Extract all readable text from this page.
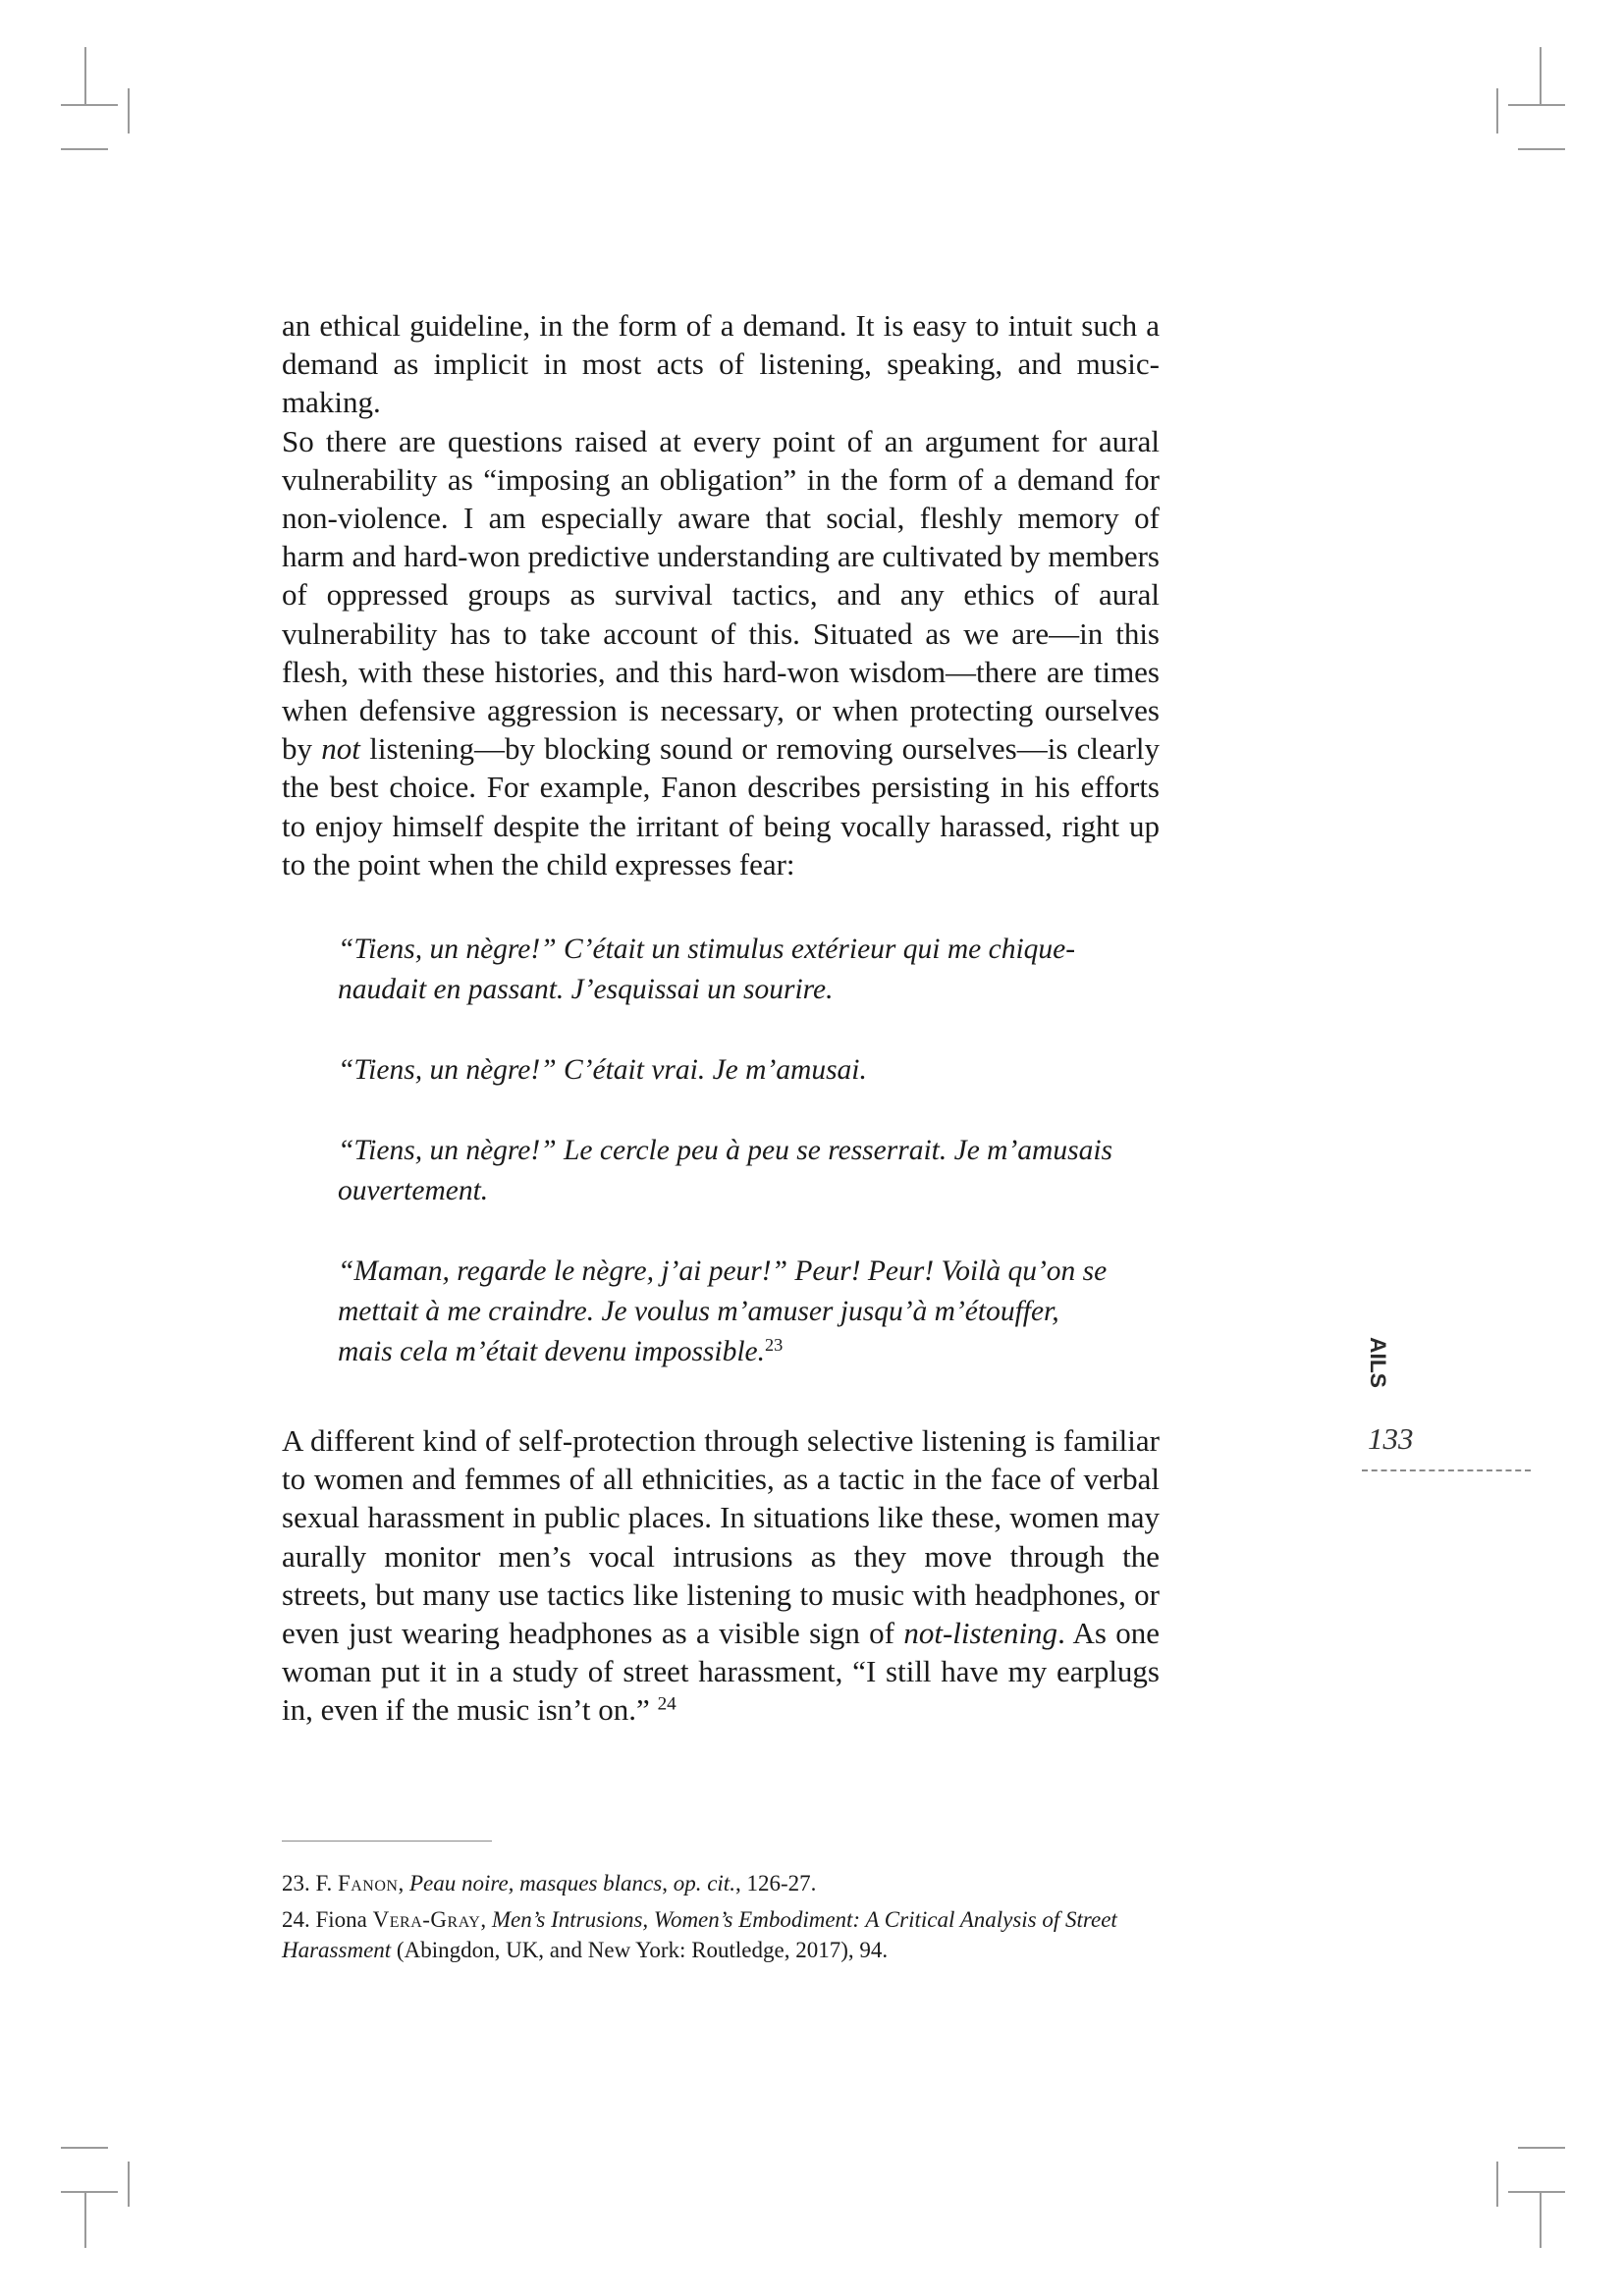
an ethical guideline, in the form of a demand. It is easy to intuit such a demand as implicit in most acts of listening, speaking, and music-making.

So there are questions raised at every point of an argument for aural vulnerability as “imposing an obligation” in the form of a demand for non-violence. I am especially aware that social, fleshly memory of harm and hard-won predictive understanding are cultivated by members of oppressed groups as survival tactics, and any ethics of aural vulnerability has to take account of this. Situated as we are—in this flesh, with these histories, and this hard-won wisdom—there are times when defensive aggression is necessary, or when protecting ourselves by not listening—by blocking sound or removing ourselves—is clearly the best choice. For example, Fanon describes persisting in his efforts to enjoy himself despite the irritant of being vocally harassed, right up to the point when the child expresses fear:

“Tiens, un nègre!” C’était un stimulus extérieur qui me chique-naudait en passant. J’esquissai un sourire.

“Tiens, un nègre!” C’était vrai. Je m’amusai.

“Tiens, un nègre!” Le cercle peu à peu se resserrait. Je m’amusais ouvertement.

“Maman, regarde le nègre, j’ai peur!” Peur! Peur! Voilà qu’on se mettait à me craindre. Je voulus m’amuser jusqu’à m’étouffer, mais cela m’était devenu impossible.$^{23}$

A different kind of self-protection through selective listening is familiar to women and femmes of all ethnicities, as a tactic in the face of verbal sexual harassment in public places. In situations like these, women may aurally monitor men’s vocal intrusions as they move through the streets, but many use tactics like listening to music with headphones, or even just wearing headphones as a visible sign of not-listening. As one woman put it in a study of street harassment, “I still have my earplugs in, even if the music isn’t on.” $^{24}$

23. F. Fanon, Peau noire, masques blancs, op. cit., 126-27.

24. Fiona Vera-Gray, Men’s Intrusions, Women’s Embodiment: A Critical Analysis of Street Harassment (Abingdon, UK, and New York: Routledge, 2017), 94.

AILS
133
